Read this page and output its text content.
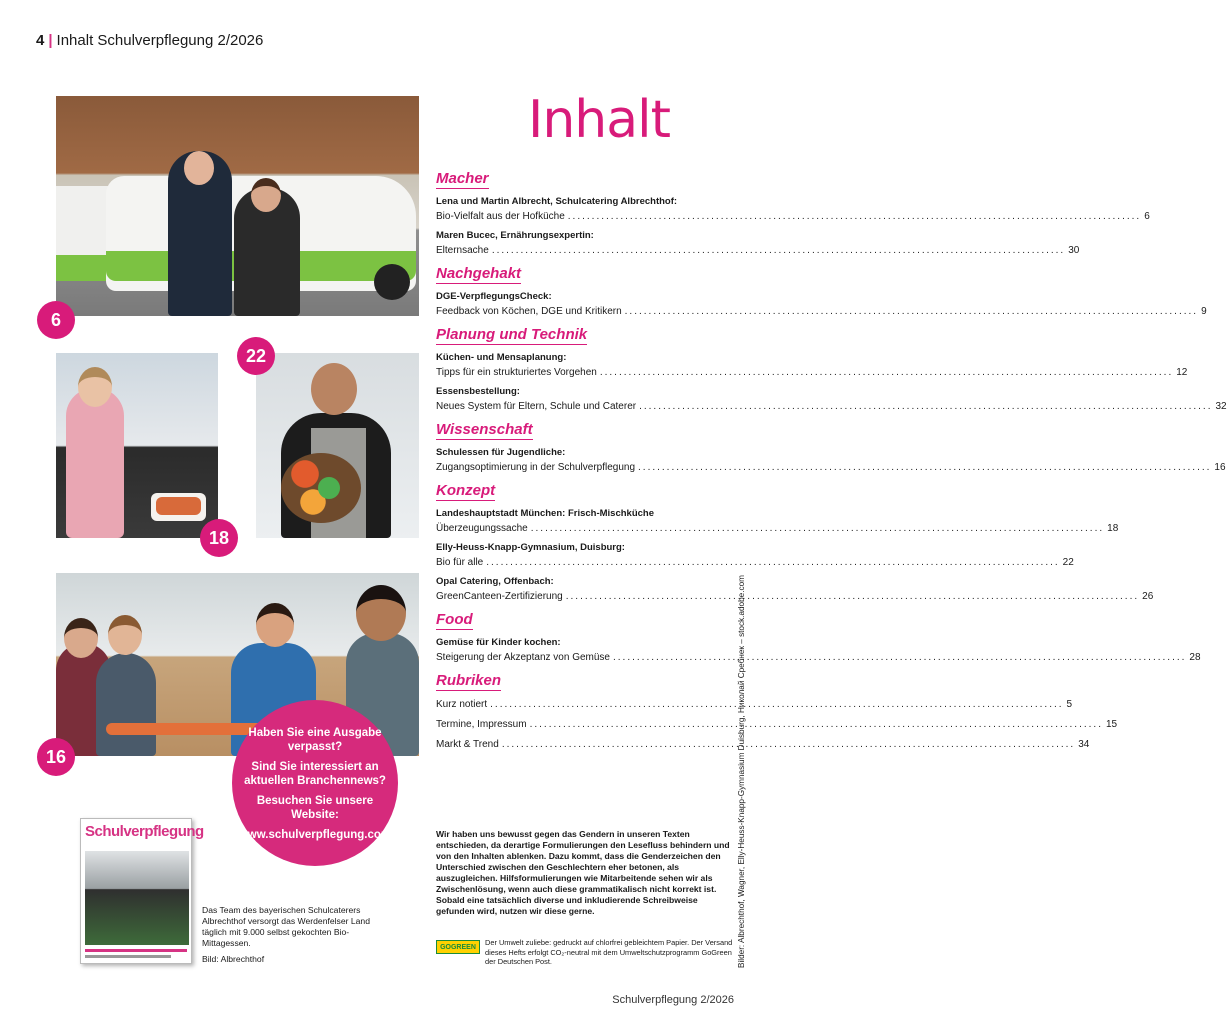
4 | Inhalt Schulverpflegung 2/2026
6
22
18
16

Haben Sie eine Ausgabe verpasst?

Sind Sie interessiert an aktuellen Branchennews?

Besuchen Sie unsere Website:

www.schulverpflegung.com

Schulverpflegung

Das Team des bayerischen Schulcaterers Albrechthof versorgt das Werdenfelser Land täglich mit 9.000 selbst gekochten Bio-Mittagessen.

Bild: Albrechthof

Inhalt
Macher
Lena und Martin Albrecht, Schulcatering Albrechthof:
Bio-Vielfalt aus der Hofküche ........................................................................................................................ 6
Maren Bucec, Ernährungsexpertin:
Elternsache ........................................................................................................................ 30
Nachgehakt
DGE-VerpflegungsCheck:
Feedback von Köchen, DGE und Kritikern ........................................................................................................................ 9
Planung und Technik
Küchen- und Mensaplanung:
Tipps für ein strukturiertes Vorgehen ........................................................................................................................ 12
Essensbestellung:
Neues System für Eltern, Schule und Caterer ........................................................................................................................ 32
Wissenschaft
Schulessen für Jugendliche:
Zugangsoptimierung in der Schulverpflegung ........................................................................................................................ 16
Konzept
Landeshauptstadt München: Frisch-Mischküche
Überzeugungssache ........................................................................................................................ 18
Elly-Heuss-Knapp-Gymnasium, Duisburg:
Bio für alle ........................................................................................................................ 22
Opal Catering, Offenbach:
GreenCanteen-Zertifizierung ........................................................................................................................ 26
Food
Gemüse für Kinder kochen:
Steigerung der Akzeptanz von Gemüse ........................................................................................................................ 28
Rubriken
Kurz notiert ........................................................................................................................ 5
Termine, Impressum ........................................................................................................................ 15
Markt & Trend ........................................................................................................................ 34
Wir haben uns bewusst gegen das Gendern in unseren Texten entschieden, da derartige Formulierungen den Lesefluss behindern und von den Inhalten ablenken. Dazu kommt, dass die Genderzeichen den Unterschied zwischen den Geschlechtern eher betonen, als auszugleichen. Hilfsformulierungen wie Mitarbeitende sehen wir als Zwischenlösung, wenn auch diese grammatikalisch nicht korrekt ist. Sobald eine tatsächlich diverse und inkludierende Schreibweise gefunden wird, nutzen wir diese gerne.
GOGREEN	Der Umwelt zuliebe: gedruckt auf chlorfrei gebleichtem Papier. Der Versand dieses Hefts erfolgt CO₂-neutral mit dem Umweltschutzprogramm GoGreen der Deutschen Post.	Bilder: Albrechthof, Wagner, Elly-Heuss-Knapp-Gymnasium Duisburg, Николай Сребнек – stock.adobe.com
Schulverpflegung 2/2026
